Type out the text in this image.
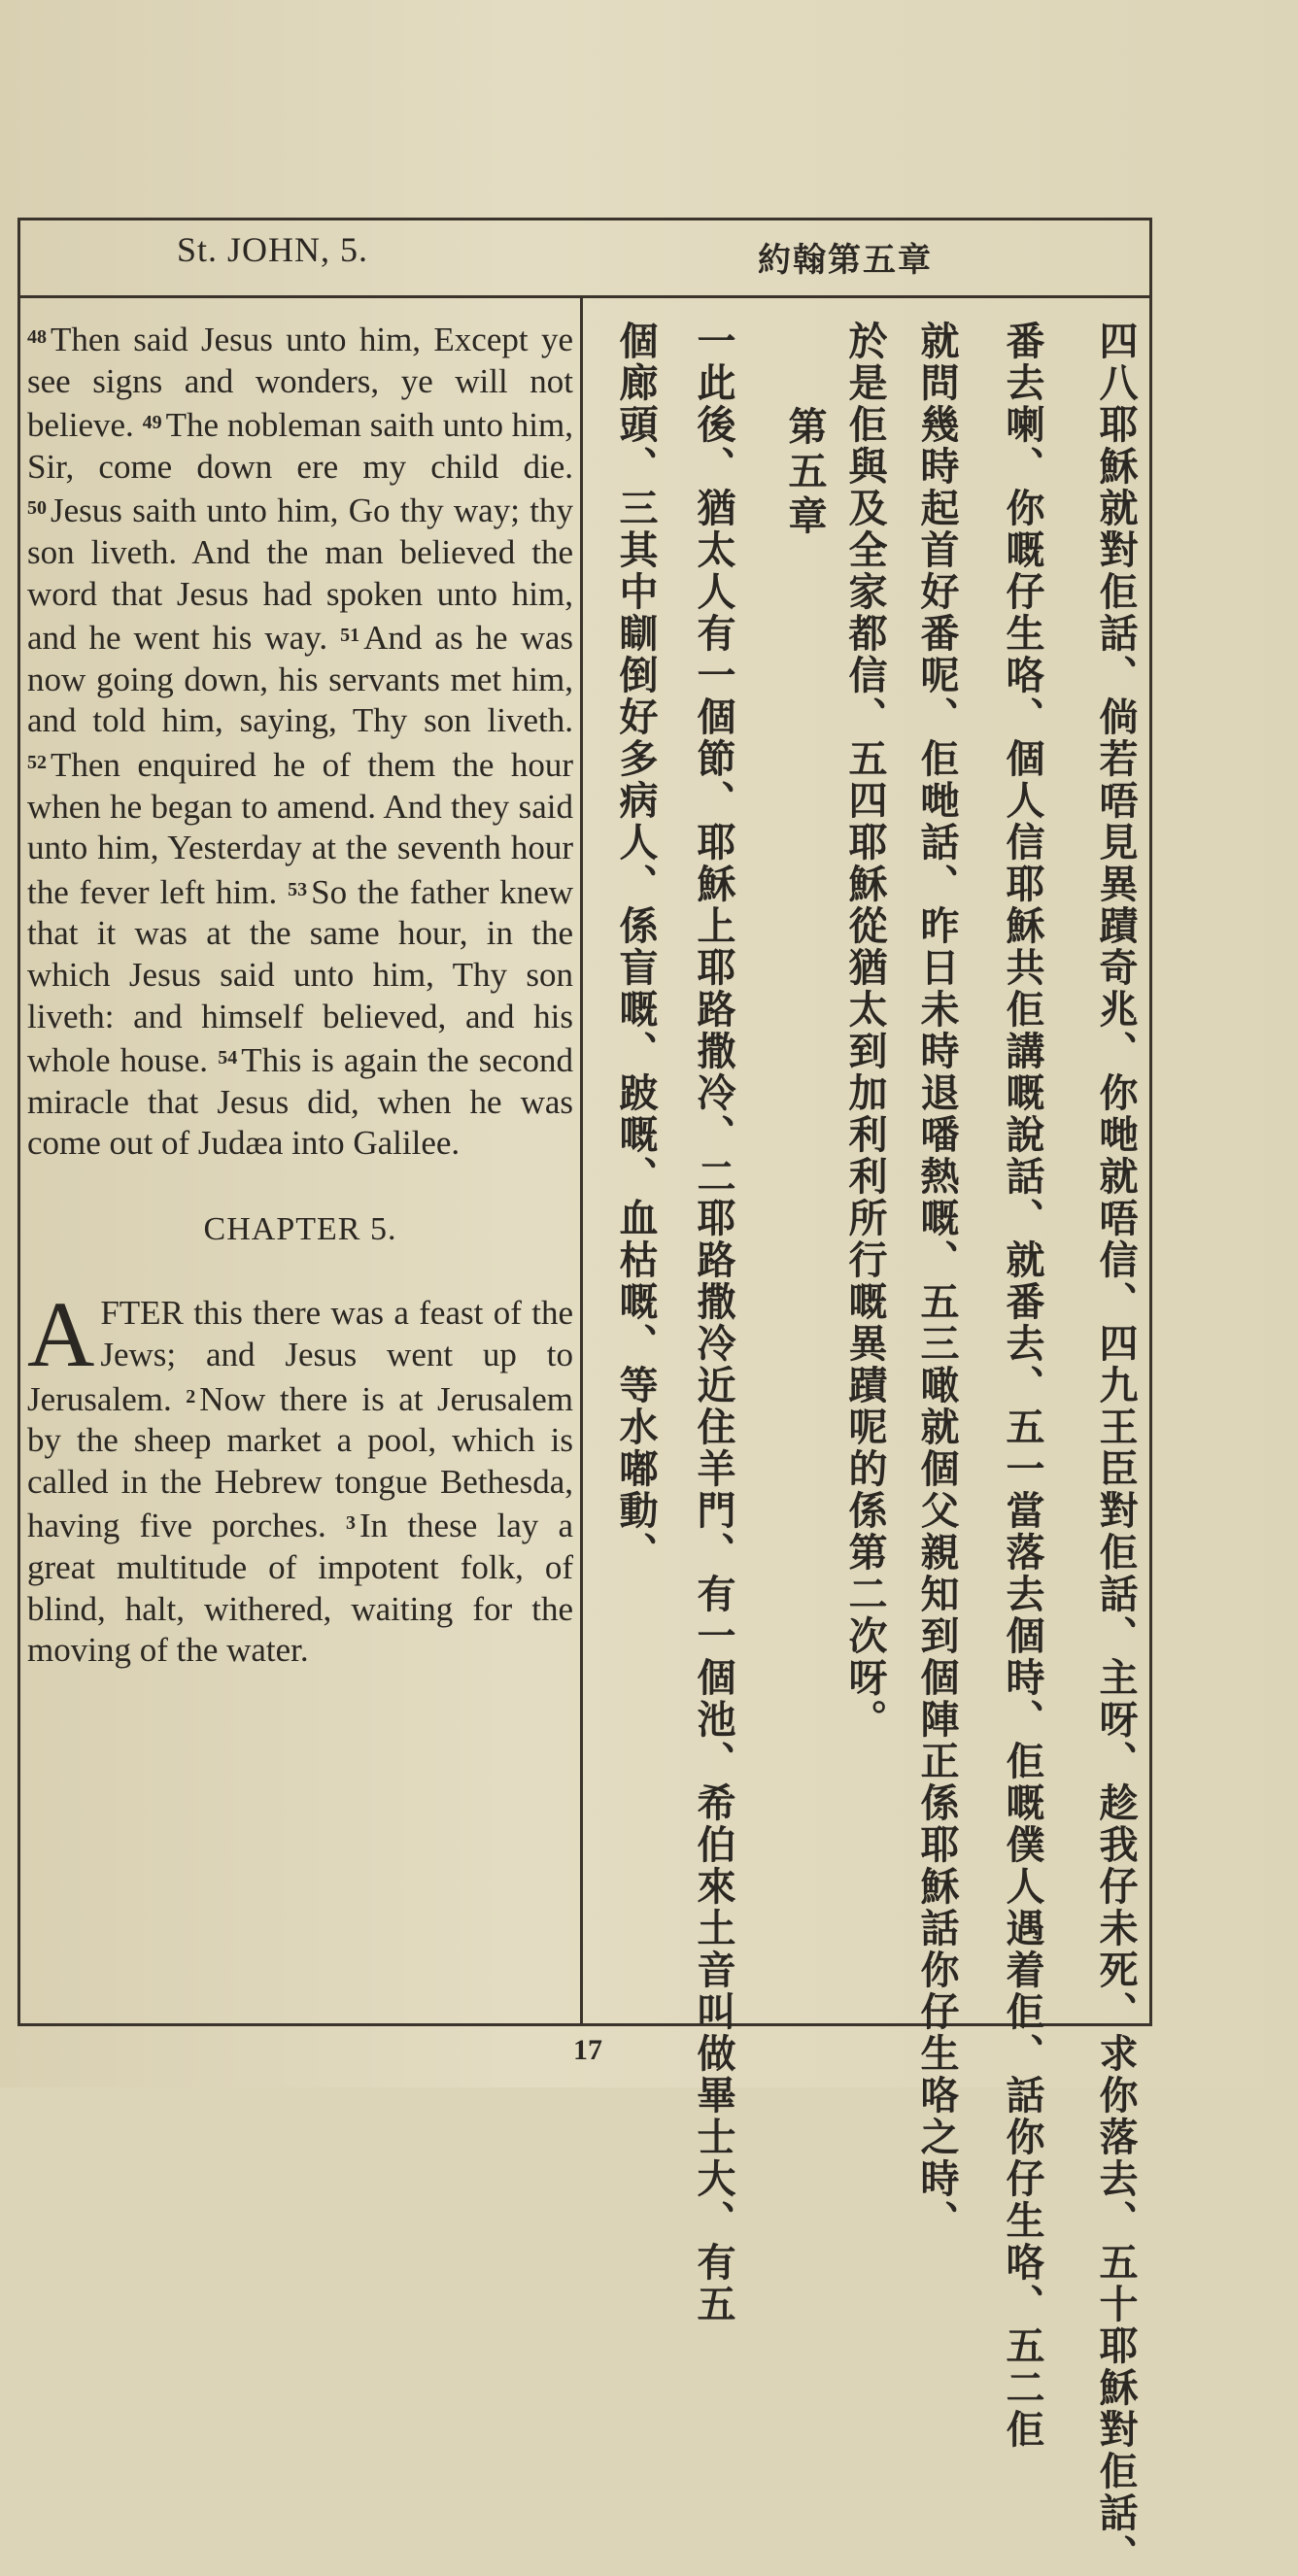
St. JOHN, 5.	約翰第五章

$^{48}$ Then said Jesus unto him, Except ye see signs and wonders, ye will not believe. $^{49}$ The nobleman saith unto him, Sir, come down ere my child die. $^{50}$ Jesus saith unto him, Go thy way; thy son liveth. And the man believed the word that Jesus had spoken unto him, and he went his way. $^{51}$ And as he was now going down, his servants met him, and told him, saying, Thy son liveth. $^{52}$ Then enquired he of them the hour when he began to amend. And they said unto him, Yesterday at the seventh hour the fever left him. $^{53}$ So the father knew that it was at the same hour, in the which Jesus said unto him, Thy son liveth: and himself believed, and his whole house. $^{54}$ This is again the second miracle that Jesus did, when he was come out of Judæa into Galilee.

CHAPTER 5.

AFTER this there was a feast of the Jews; and Jesus went up to Jerusalem. $^2$ Now there is at Jerusalem by the sheep market a pool, which is called in the Hebrew tongue Bethesda, having five porches. $^3$ In these lay a great multitude of impotent folk, of blind, halt, withered, waiting for the moving of the water.	四八耶穌就對佢話、倘若唔見異蹟奇兆、你哋就唔信、四九王臣對佢話、主呀、趁我仔未死、求你落去、五十耶穌對佢話、
番去喇、你嘅仔生咯、個人信耶穌共佢講嘅說話、就番去、五一當落去個時、佢嘅僕人遇着佢、話你仔生咯、五二佢
就問幾時起首好番呢、佢哋話、昨日未時退噃熱嘅、五三噉就個父親知到個陣正係耶穌話你仔生咯之時、
於是佢與及全家都信、五四耶穌從猶太到加利利所行嘅異蹟呢的係第二次呀。
第五章
一此後、猶太人有一個節、耶穌上耶路撒冷、二耶路撒冷近住羊門、有一個池、希伯來土音叫做畢士大、有五
個廊頭、三其中瞓倒好多病人、係盲嘅、跛嘅、血枯嘅、等水嘟動、
17
